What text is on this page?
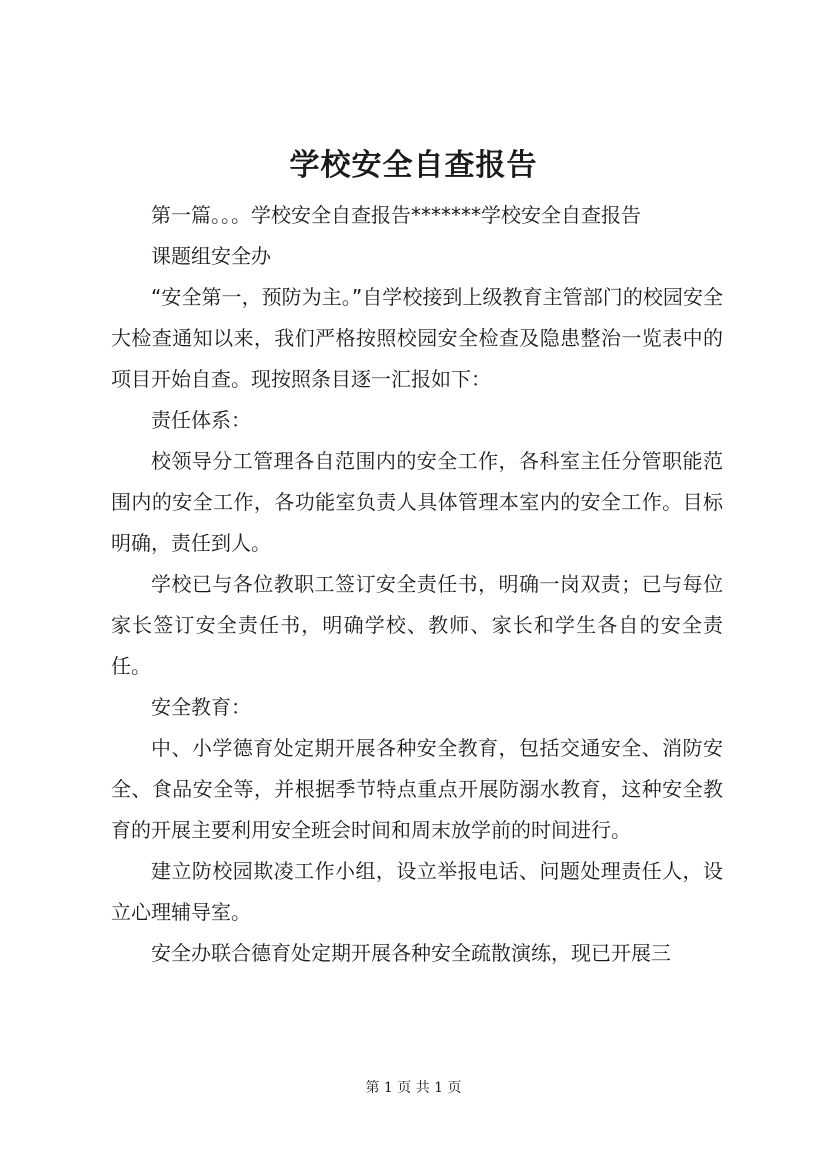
学校安全自查报告

第一篇。。。学校安全自查报告*******学校安全自查报告

课题组安全办

“安全第一，预防为主。”自学校接到上级教育主管部门的校园安全大检查通知以来，我们严格按照校园安全检查及隐患整治一览表中的项目开始自查。现按照条目逐一汇报如下：

责任体系：

校领导分工管理各自范围内的安全工作，各科室主任分管职能范围内的安全工作，各功能室负责人具体管理本室内的安全工作。目标明确，责任到人。

学校已与各位教职工签订安全责任书，明确一岗双责；已与每位家长签订安全责任书，明确学校、教师、家长和学生各自的安全责任。

安全教育：

中、小学德育处定期开展各种安全教育，包括交通安全、消防安全、食品安全等，并根据季节特点重点开展防溺水教育，这种安全教育的开展主要利用安全班会时间和周末放学前的时间进行。

建立防校园欺凌工作小组，设立举报电话、问题处理责任人，设立心理辅导室。

安全办联合德育处定期开展各种安全疏散演练，现已开展三

第 1 页 共 1 页
